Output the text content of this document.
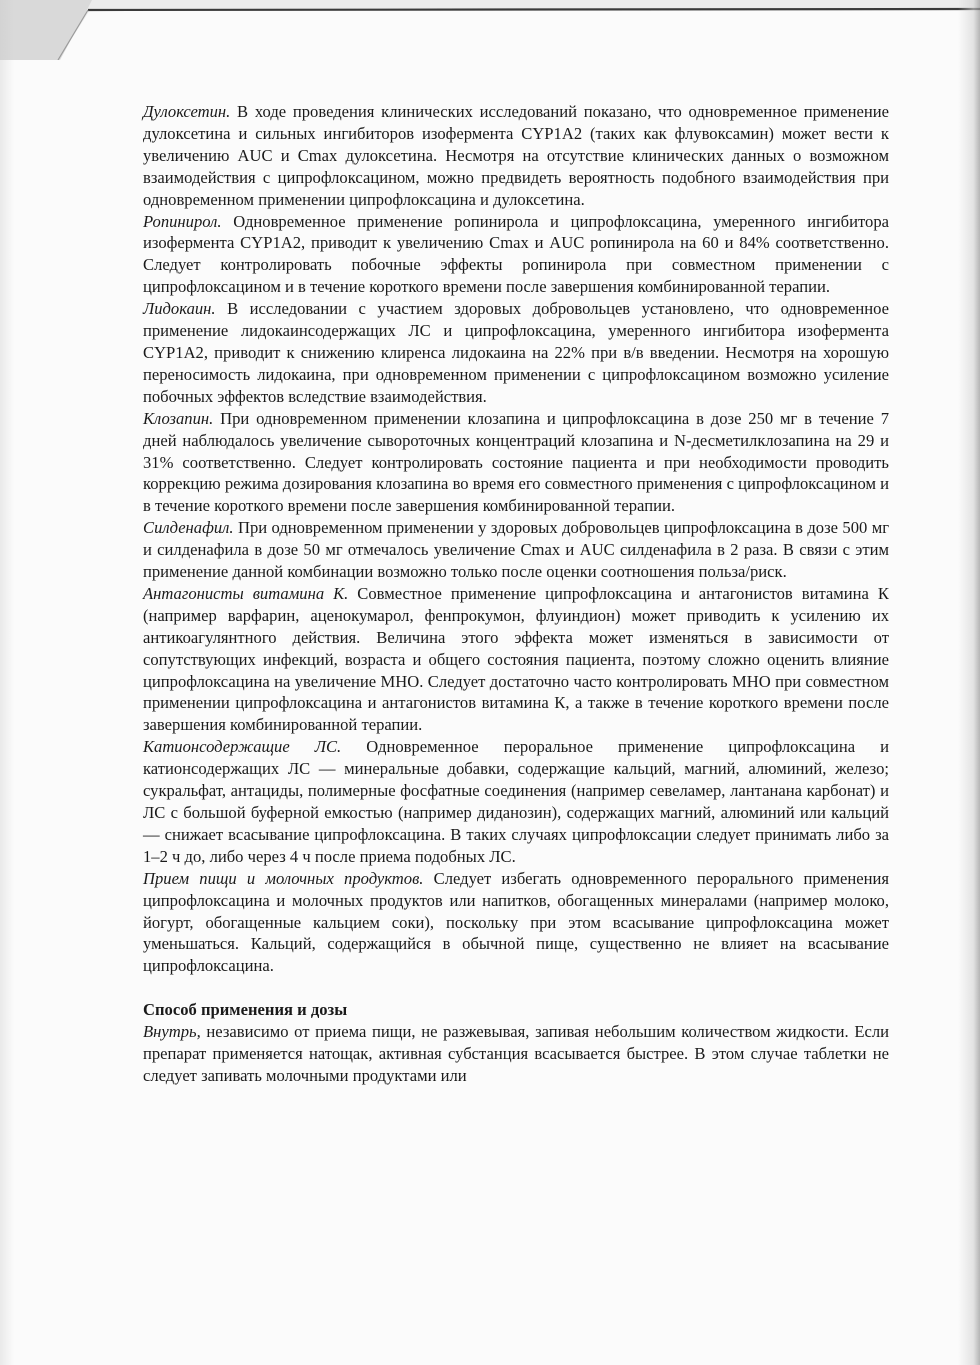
Дулоксетин. В ходе проведения клинических исследований показано, что одновременное применение дулоксетина и сильных ингибиторов изофермента CYP1A2 (таких как флувоксамин) может вести к увеличению AUC и Cmax дулоксетина. Несмотря на отсутствие клинических данных о возможном взаимодействия с ципрофлоксацином, можно предвидеть вероятность подобного взаимодействия при одновременном применении ципрофлоксацина и дулоксетина.

Ропинирол. Одновременное применение ропинирола и ципрофлоксацина, умеренного ингибитора изофермента CYP1A2, приводит к увеличению Cmax и AUC ропинирола на 60 и 84% соответственно. Следует контролировать побочные эффекты ропинирола при совместном применении с ципрофлоксацином и в течение короткого времени после завершения комбинированной терапии.

Лидокаин. В исследовании с участием здоровых добровольцев установлено, что одновременное применение лидокаинсодержащих ЛС и ципрофлоксацина, умеренного ингибитора изофермента CYP1A2, приводит к снижению клиренса лидокаина на 22% при в/в введении. Несмотря на хорошую переносимость лидокаина, при одновременном применении с ципрофлоксацином возможно усиление побочных эффектов вследствие взаимодействия.

Клозапин. При одновременном применении клозапина и ципрофлоксацина в дозе 250 мг в течение 7 дней наблюдалось увеличение сывороточных концентраций клозапина и N-десметилклозапина на 29 и 31% соответственно. Следует контролировать состояние пациента и при необходимости проводить коррекцию режима дозирования клозапина во время его совместного применения с ципрофлоксацином и в течение короткого времени после завершения комбинированной терапии.

Силденафил. При одновременном применении у здоровых добровольцев ципрофлоксацина в дозе 500 мг и силденафила в дозе 50 мг отмечалось увеличение Cmax и AUC силденафила в 2 раза. В связи с этим применение данной комбинации возможно только после оценки соотношения польза/риск.

Антагонисты витамина К. Совместное применение ципрофлоксацина и антагонистов витамина К (например варфарин, аценокумарол, фенпрокумон, флуиндион) может приводить к усилению их антикоагулянтного действия. Величина этого эффекта может изменяться в зависимости от сопутствующих инфекций, возраста и общего состояния пациента, поэтому сложно оценить влияние ципрофлоксацина на увеличение МНО. Следует достаточно часто контролировать МНО при совместном применении ципрофлоксацина и антагонистов витамина К, а также в течение короткого времени после завершения комбинированной терапии.

Катионсодержащие ЛС. Одновременное пероральное применение ципрофлоксацина и катионсодержащих ЛС — минеральные добавки, содержащие кальций, магний, алюминий, железо; сукральфат, антациды, полимерные фосфатные соединения (например севеламер, лантанана карбонат) и ЛС с большой буферной емкостью (например диданозин), содержащих магний, алюминий или кальций — снижает всасывание ципрофлоксацина. В таких случаях ципрофлоксации следует принимать либо за 1–2 ч до, либо через 4 ч после приема подобных ЛС.

Прием пищи и молочных продуктов. Следует избегать одновременного перорального применения ципрофлоксацина и молочных продуктов или напитков, обогащенных минералами (например молоко, йогурт, обогащенные кальцием соки), поскольку при этом всасывание ципрофлоксацина может уменьшаться. Кальций, содержащийся в обычной пище, существенно не влияет на всасывание ципрофлоксацина.

Способ применения и дозы

Внутрь, независимо от приема пищи, не разжевывая, запивая небольшим количеством жидкости. Если препарат применяется натощак, активная субстанция всасывается быстрее. В этом случае таблетки не следует запивать молочными продуктами или
